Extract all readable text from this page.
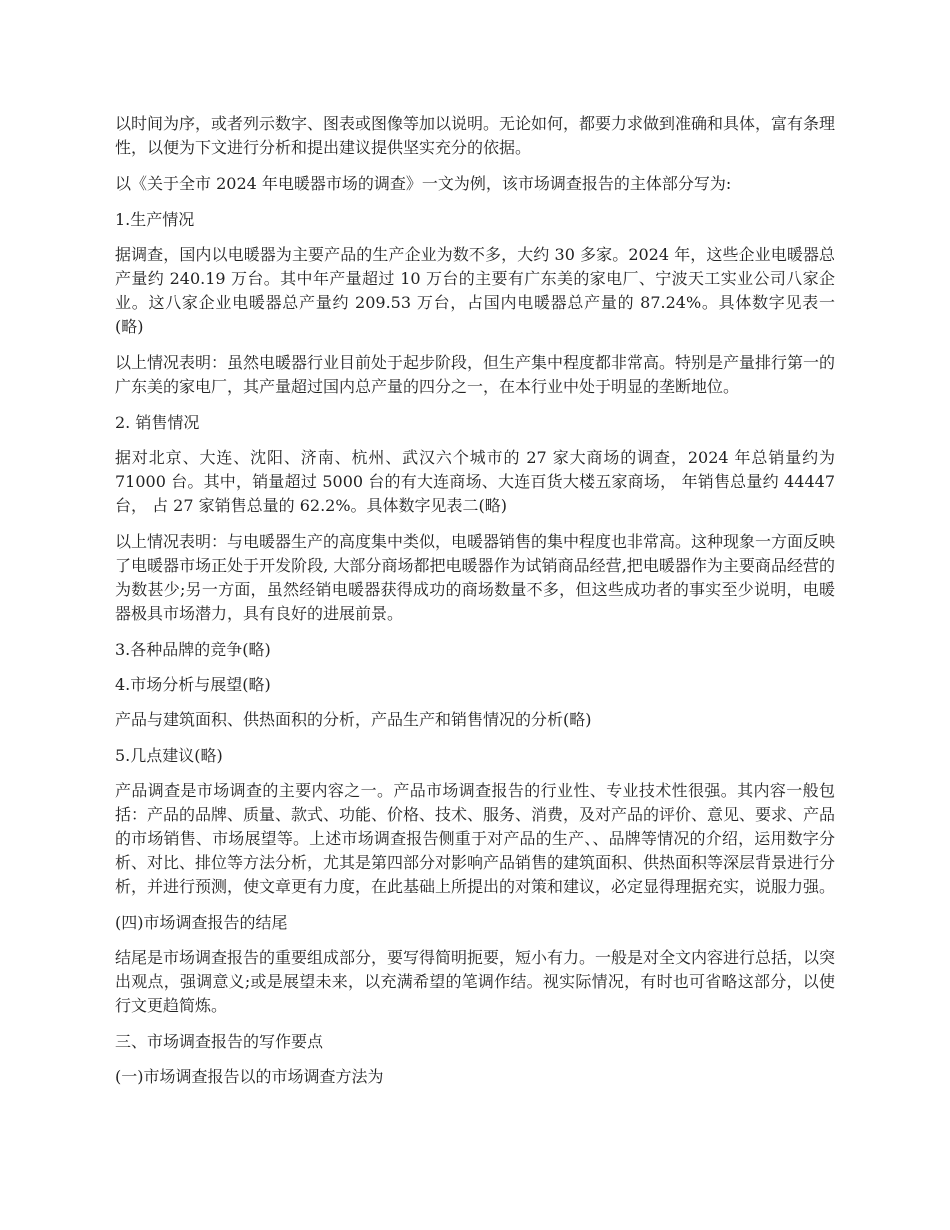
以时间为序，或者列示数字、图表或图像等加以说明。无论如何，都要力求做到准确和具体，富有条理性，以便为下文进行分析和提出建议提供坚实充分的依据。

以《关于全市 2024 年电暖器市场的调查》一文为例，该市场调查报告的主体部分写为:

1.生产情况

据调查，国内以电暖器为主要产品的生产企业为数不多，大约 30 多家。2024 年，这些企业电暖器总产量约 240.19 万台。其中年产量超过 10 万台的主要有广东美的家电厂、宁波天工实业公司八家企业。这八家企业电暖器总产量约 209.53 万台，占国内电暖器总产量的 87.24%。具体数字见表一(略)

以上情况表明：虽然电暖器行业目前处于起步阶段，但生产集中程度都非常高。特别是产量排行第一的广东美的家电厂，其产量超过国内总产量的四分之一，在本行业中处于明显的垄断地位。

2. 销售情况

据对北京、大连、沈阳、济南、杭州、武汉六个城市的 27 家大商场的调查，2024 年总销量约为 71000 台。其中，销量超过 5000 台的有大连商场、大连百货大楼五家商场， 年销售总量约 44447 台， 占 27 家销售总量的 62.2%。具体数字见表二(略)

以上情况表明：与电暖器生产的高度集中类似，电暖器销售的集中程度也非常高。这种现象一方面反映了电暖器市场正处于开发阶段, 大部分商场都把电暖器作为试销商品经营,把电暖器作为主要商品经营的为数甚少;另一方面，虽然经销电暖器获得成功的商场数量不多，但这些成功者的事实至少说明，电暖器极具市场潜力，具有良好的进展前景。

3.各种品牌的竞争(略)

4.市场分析与展望(略)

产品与建筑面积、供热面积的分析，产品生产和销售情况的分析(略)

5.几点建议(略)

产品调查是市场调查的主要内容之一。产品市场调查报告的行业性、专业技术性很强。其内容一般包括：产品的品牌、质量、款式、功能、价格、技术、服务、消费，及对产品的评价、意见、要求、产品的市场销售、市场展望等。上述市场调查报告侧重于对产品的生产、、品牌等情况的介绍，运用数字分析、对比、排位等方法分析，尤其是第四部分对影响产品销售的建筑面积、供热面积等深层背景进行分析，并进行预测，使文章更有力度，在此基础上所提出的对策和建议，必定显得理据充实，说服力强。

(四)市场调查报告的结尾

结尾是市场调查报告的重要组成部分，要写得简明扼要，短小有力。一般是对全文内容进行总括，以突出观点，强调意义;或是展望未来，以充满希望的笔调作结。视实际情况，有时也可省略这部分，以使行文更趋简炼。

三、市场调查报告的写作要点

(一)市场调查报告以的市场调查方法为
